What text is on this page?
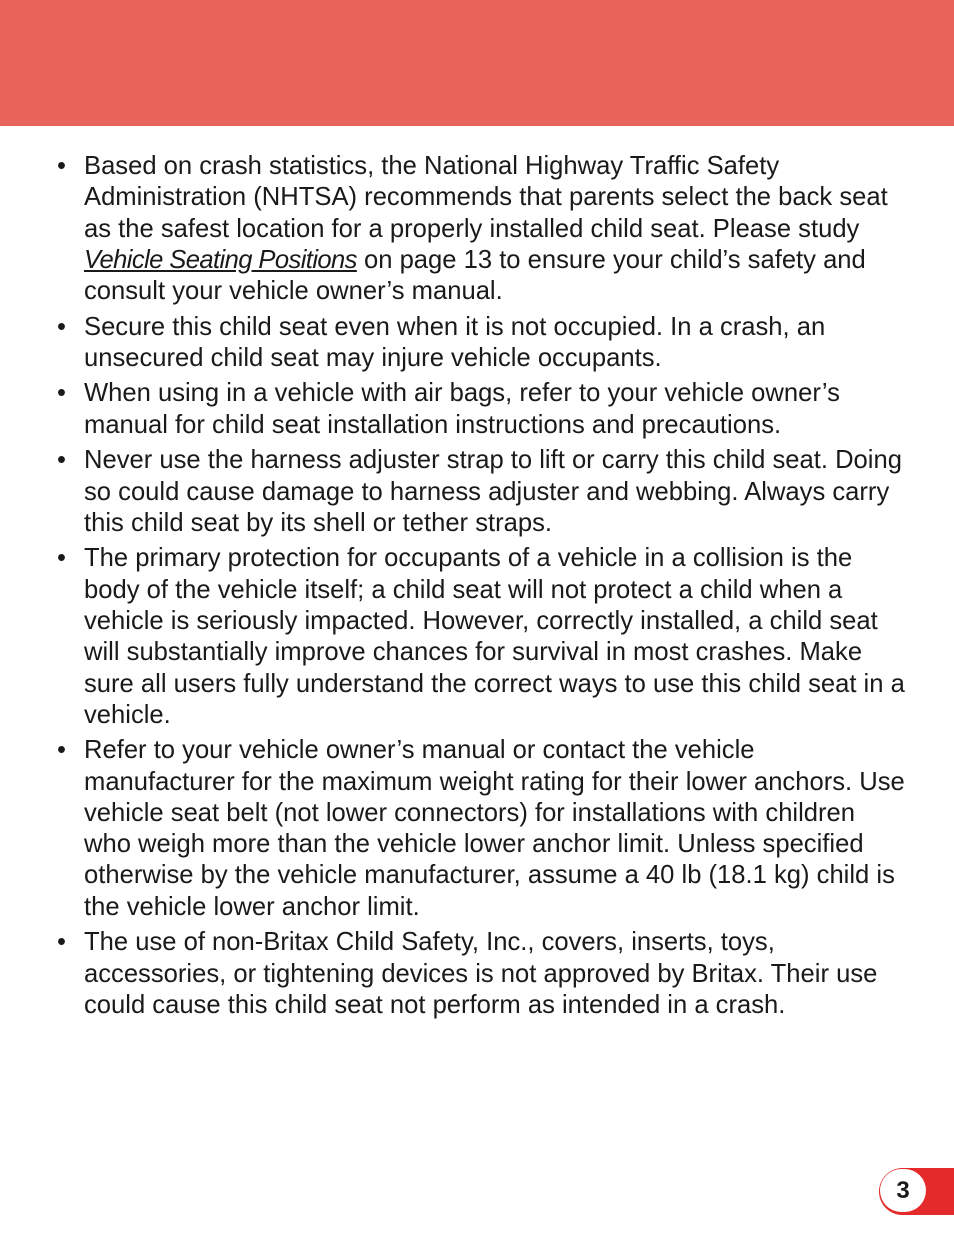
• Based on crash statistics, the National Highway Traffic Safety Administration (NHTSA) recommends that parents select the back seat as the safest location for a properly installed child seat. Please study Vehicle Seating Positions on page 13 to ensure your child’s safety and consult your vehicle owner’s manual.
• Secure this child seat even when it is not occupied. In a crash, an unsecured child seat may injure vehicle occupants.
• When using in a vehicle with air bags, refer to your vehicle owner’s manual for child seat installation instructions and precautions.
• Never use the harness adjuster strap to lift or carry this child seat. Doing so could cause damage to harness adjuster and webbing. Always carry this child seat by its shell or tether straps.
• The primary protection for occupants of a vehicle in a collision is the body of the vehicle itself; a child seat will not protect a child when a vehicle is seriously impacted. However, correctly installed, a child seat will substantially improve chances for survival in most crashes. Make sure all users fully understand the correct ways to use this child seat in a vehicle.
• Refer to your vehicle owner’s manual or contact the vehicle manufacturer for the maximum weight rating for their lower anchors. Use vehicle seat belt (not lower connectors) for installations with children who weigh more than the vehicle lower anchor limit. Unless specified otherwise by the vehicle manufacturer, assume a 40 lb (18.1 kg) child is the vehicle lower anchor limit.
• The use of non-Britax Child Safety, Inc., covers, inserts, toys, accessories, or tightening devices is not approved by Britax. Their use could cause this child seat not perform as intended in a crash.
3
